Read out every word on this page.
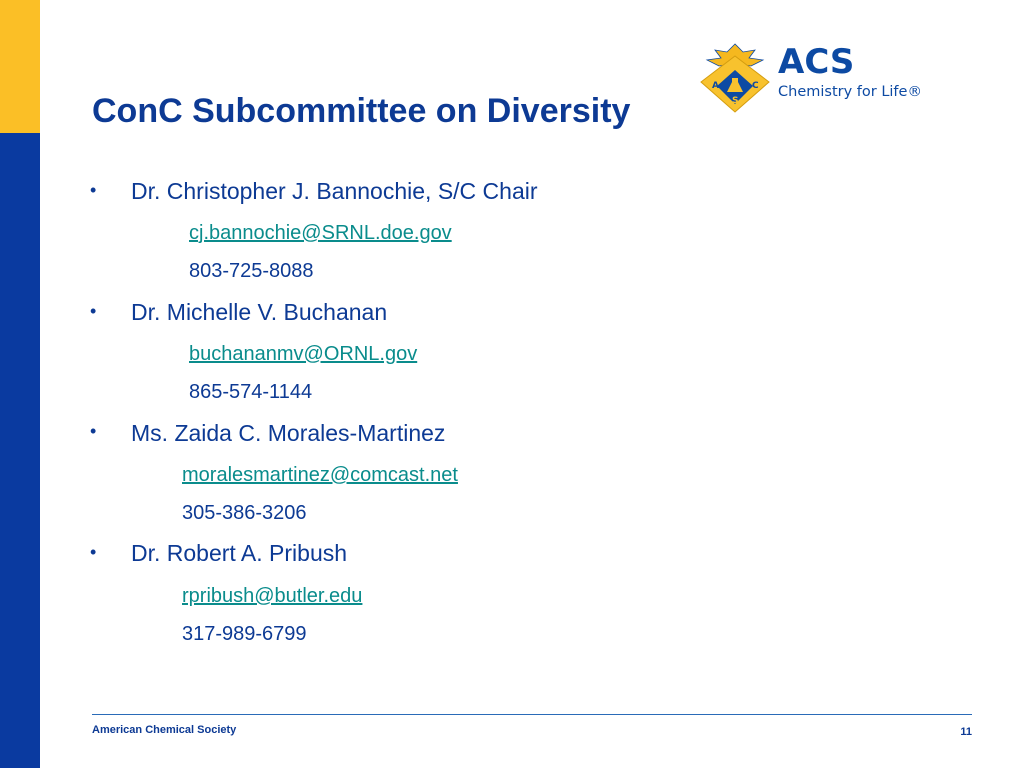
ConC Subcommittee on Diversity
A	C
S
ACS
Chemistry for Life®
• Dr. Christopher J. Bannochie, S/C Chair
cj.bannochie@SRNL.doe.gov
803-725-8088
• Dr. Michelle V. Buchanan
buchananmv@ORNL.gov
865-574-1144
• Ms. Zaida C. Morales-Martinez
moralesmartinez@comcast.net
305-386-3206
• Dr. Robert A. Pribush
rpribush@butler.edu
317-989-6799
American Chemical Society	11
